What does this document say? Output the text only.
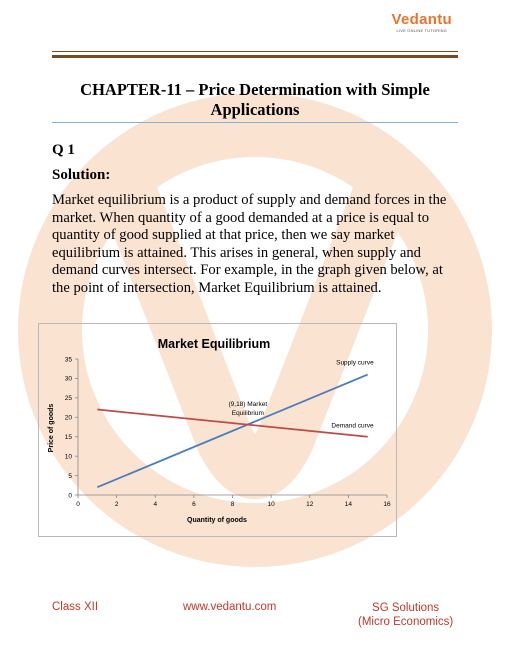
Vedantu
LIVE ONLINE TUTORING
CHAPTER-11 – Price Determination with Simple Applications
Q 1
Solution:
Market equilibrium is a product of supply and demand forces in the market. When quantity of a good demanded at a price is equal to quantity of good supplied at that price, then we say market equilibrium is attained. This arises in general, when supply and demand curves intersect. For example, in the graph given below, at the point of intersection, Market Equilibrium is attained.
Market Equilibrium
Quantity of goods
Price of goods
0	2	4	6	8	10	12	14	16
0
5
10
15
20
25
30
35	Supply curve
Demand curve
(9,18) Market
Equilibrium
Class XII	www.vedantu.com	SG Solutions
(Micro Economics)
